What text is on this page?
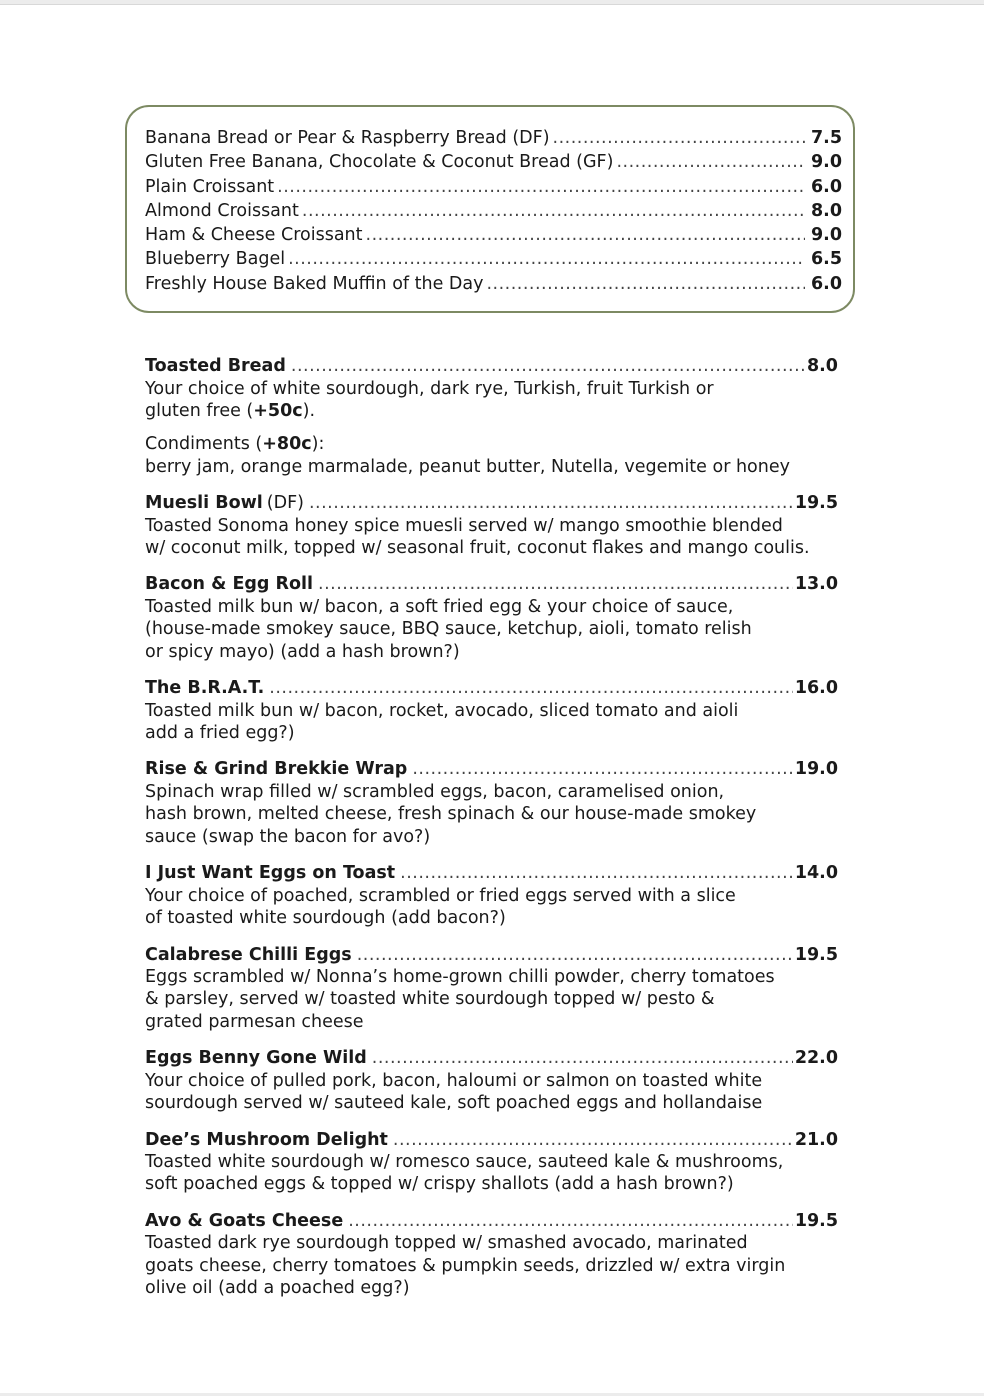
Banana Bread or Pear & Raspberry Bread (DF) .....	7.5
Gluten Free Banana, Chocolate & Coconut Bread (GF) .....	9.0
Plain Croissant .....	6.0
Almond Croissant .....	8.0
Ham & Cheese Croissant .....	9.0
Blueberry Bagel .....	6.5
Freshly House Baked Muffin of the Day .....	6.0
Toasted Bread .....	8.0
Your choice of white sourdough, dark rye, Turkish, fruit Turkish or
gluten free (+50c).
Condiments (+80c):
berry jam, orange marmalade, peanut butter, Nutella, vegemite or honey
Muesli Bowl (DF) .....	19.5
Toasted Sonoma honey spice muesli served w/ mango smoothie blended
w/ coconut milk, topped w/ seasonal fruit, coconut flakes and mango coulis.
Bacon & Egg Roll .....	13.0
Toasted milk bun w/ bacon, a soft fried egg & your choice of sauce,
(house-made smokey sauce, BBQ sauce, ketchup, aioli, tomato relish
or spicy mayo) (add a hash brown?)
The B.R.A.T. .....	16.0
Toasted milk bun w/ bacon, rocket, avocado, sliced tomato and aioli
add a fried egg?)
Rise & Grind Brekkie Wrap .....	19.0
Spinach wrap filled w/ scrambled eggs, bacon, caramelised onion,
hash brown, melted cheese, fresh spinach & our house-made smokey
sauce (swap the bacon for avo?)
I Just Want Eggs on Toast .....	14.0
Your choice of poached, scrambled or fried eggs served with a slice
of toasted white sourdough (add bacon?)
Calabrese Chilli Eggs .....	19.5
Eggs scrambled w/ Nonna’s home-grown chilli powder, cherry tomatoes
& parsley, served w/ toasted white sourdough topped w/ pesto &
grated parmesan cheese
Eggs Benny Gone Wild .....	22.0
Your choice of pulled pork, bacon, haloumi or salmon on toasted white
sourdough served w/ sauteed kale, soft poached eggs and hollandaise
Dee’s Mushroom Delight .....	21.0
Toasted white sourdough w/ romesco sauce, sauteed kale & mushrooms,
soft poached eggs & topped w/ crispy shallots (add a hash brown?)
Avo & Goats Cheese .....	19.5
Toasted dark rye sourdough topped w/ smashed avocado, marinated
goats cheese, cherry tomatoes & pumpkin seeds, drizzled w/ extra virgin
olive oil (add a poached egg?)
